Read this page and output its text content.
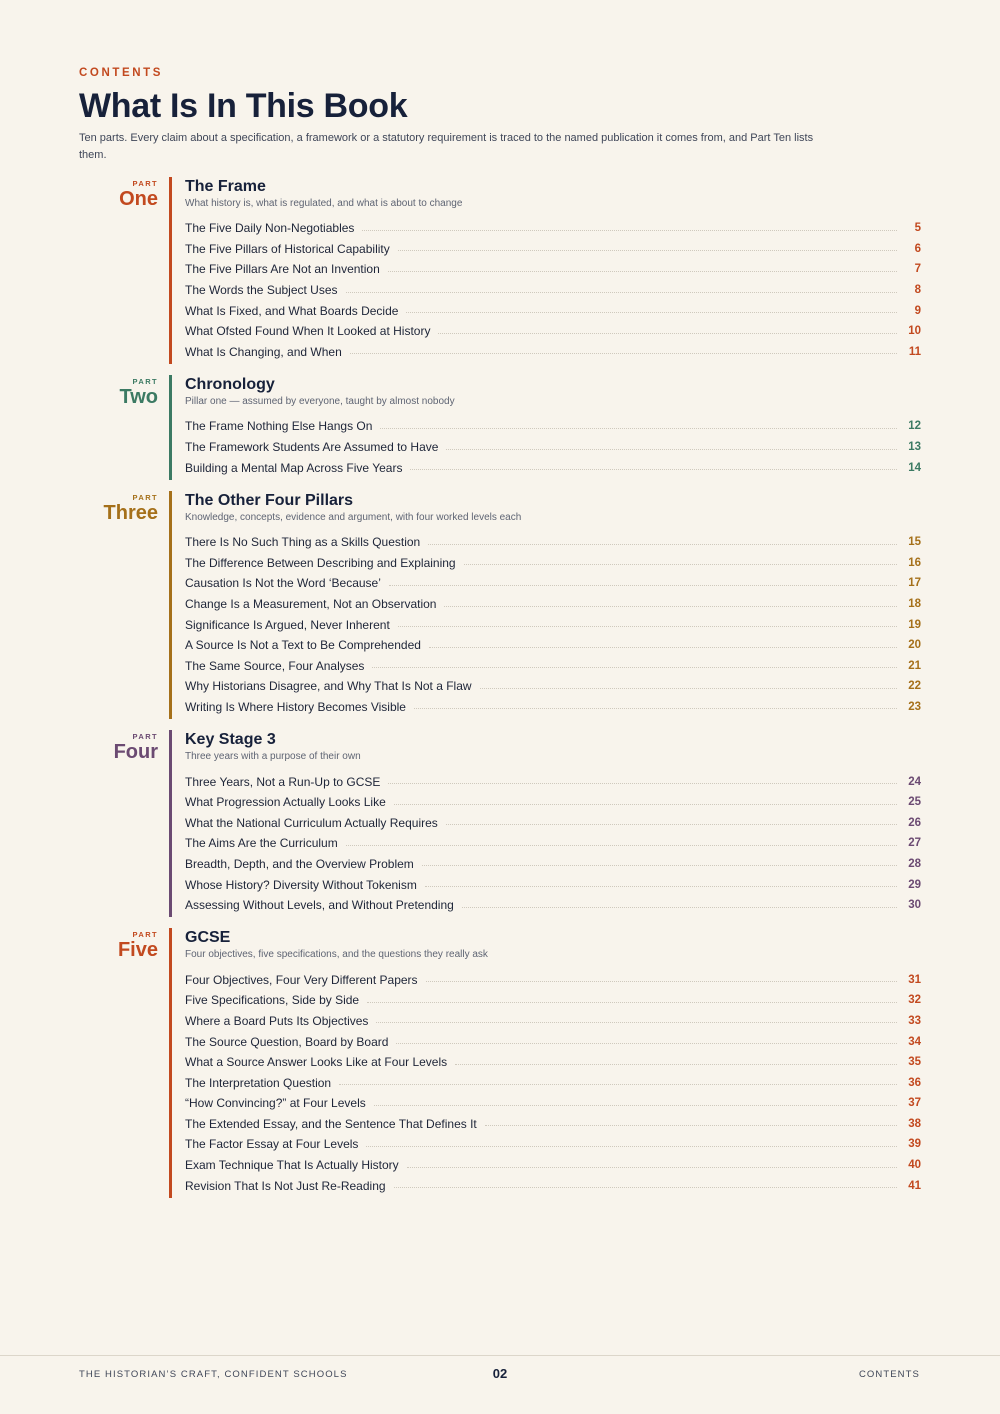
CONTENTS
What Is In This Book

Ten parts. Every claim about a specification, a framework or a statutory requirement is traced to the named publication it comes from, and Part Ten lists them.

PART
One
The Frame
What history is, what is regulated, and what is about to change
The Five Daily Non-Negotiables	5
The Five Pillars of Historical Capability	6
The Five Pillars Are Not an Invention	7
The Words the Subject Uses	8
What Is Fixed, and What Boards Decide	9
What Ofsted Found When It Looked at History	10
What Is Changing, and When	11
PART
Two
Chronology
Pillar one — assumed by everyone, taught by almost nobody
The Frame Nothing Else Hangs On	12
The Framework Students Are Assumed to Have	13
Building a Mental Map Across Five Years	14
PART
Three
The Other Four Pillars
Knowledge, concepts, evidence and argument, with four worked levels each
There Is No Such Thing as a Skills Question	15
The Difference Between Describing and Explaining	16
Causation Is Not the Word ‘Because’	17
Change Is a Measurement, Not an Observation	18
Significance Is Argued, Never Inherent	19
A Source Is Not a Text to Be Comprehended	20
The Same Source, Four Analyses	21
Why Historians Disagree, and Why That Is Not a Flaw	22
Writing Is Where History Becomes Visible	23
PART
Four
Key Stage 3
Three years with a purpose of their own
Three Years, Not a Run-Up to GCSE	24
What Progression Actually Looks Like	25
What the National Curriculum Actually Requires	26
The Aims Are the Curriculum	27
Breadth, Depth, and the Overview Problem	28
Whose History? Diversity Without Tokenism	29
Assessing Without Levels, and Without Pretending	30
PART
Five
GCSE
Four objectives, five specifications, and the questions they really ask
Four Objectives, Four Very Different Papers	31
Five Specifications, Side by Side	32
Where a Board Puts Its Objectives	33
The Source Question, Board by Board	34
What a Source Answer Looks Like at Four Levels	35
The Interpretation Question	36
“How Convincing?” at Four Levels	37
The Extended Essay, and the Sentence That Defines It	38
The Factor Essay at Four Levels	39
Exam Technique That Is Actually History	40
Revision That Is Not Just Re-Reading	41
THE HISTORIAN’S CRAFT, CONFIDENT SCHOOLS	02	CONTENTS
